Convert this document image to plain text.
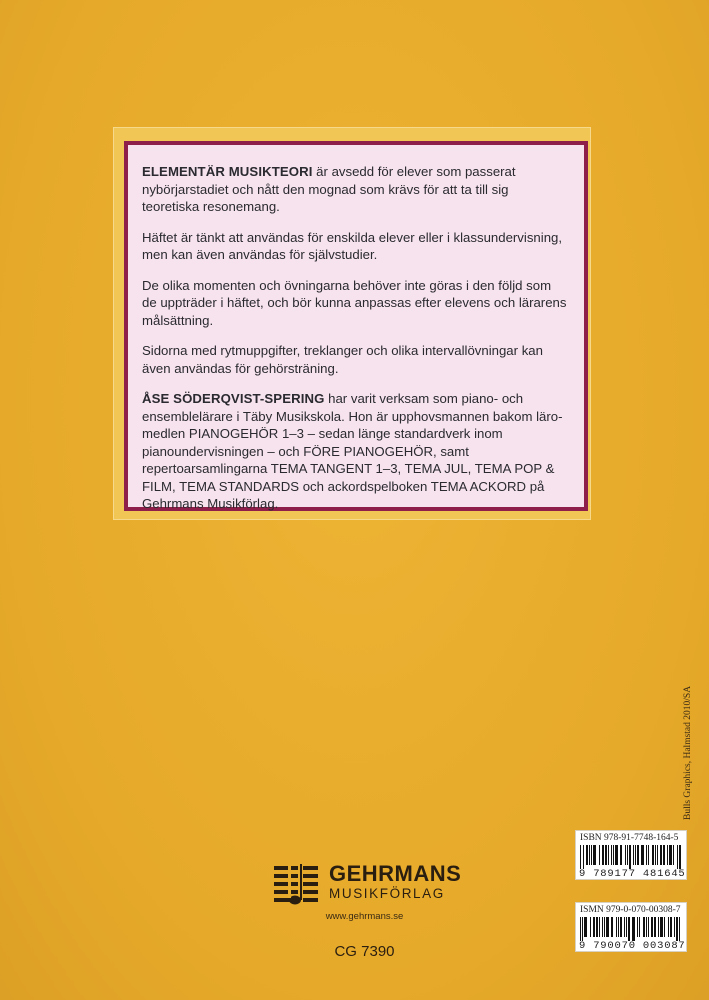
ELEMENTÄR MUSIKTEORI är avsedd för elever som passerat nybörjarstadiet och nått den mognad som krävs för att ta till sig teoretiska resonemang.

Häftet är tänkt att användas för enskilda elever eller i klassundervisning, men kan även användas för självstudier.

De olika momenten och övningarna behöver inte göras i den följd som de uppträder i häftet, och bör kunna anpassas efter elevens och lärarens målsättning.

Sidorna med rytmuppgifter, treklanger och olika intervallövningar kan även användas för gehörsträning.

ÅSE SÖDERQVIST-SPERING har varit verksam som piano- och ensemblelärare i Täby Musikskola. Hon är upphovsmannen bakom läromedlen PIANOGEHÖR 1–3 – sedan länge standardverk inom pianoundervisningen – och FÖRE PIANOGEHÖR, samt repertoarsamlingarna TEMA TANGENT 1–3, TEMA JUL, TEMA POP & FILM, TEMA STANDARDS och ackordspelboken TEMA ACKORD på Gehrmans Musikförlag.

Bulls Graphics, Halmstad 2010/SA
GEHRMANS
MUSIKFÖRLAG
www.gehrmans.se
CG 7390
ISBN 978-91-7748-164-5
9 789177 481645
ISMN 979-0-070-00308-7
9 790070 003087
